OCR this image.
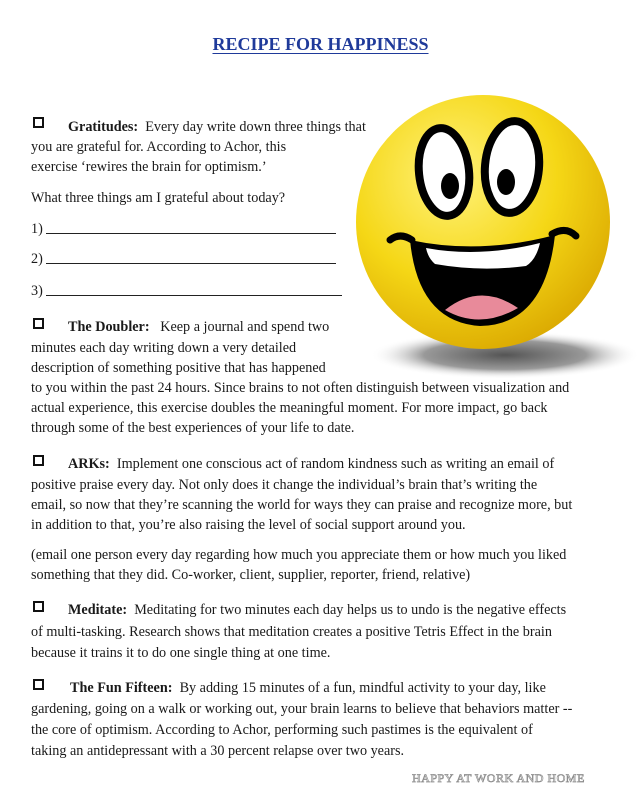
RECIPE FOR HAPPINESS

Gratitudes: Every day write down three things that

you are grateful for. According to Achor, this

exercise ‘rewires the brain for optimism.’

What three things am I grateful about today?

1)
2)
3)

The Doubler: Keep a journal and spend two

minutes each day writing down a very detailed

description of something positive that has happened

to you within the past 24 hours. Since brains to not often distinguish between visualization and

actual experience, this exercise doubles the meaningful moment. For more impact, go back

through some of the best experiences of your life to date.

ARKs: Implement one conscious act of random kindness such as writing an email of

positive praise every day. Not only does it change the individual’s brain that’s writing the

email, so now that they’re scanning the world for ways they can praise and recognize more, but

in addition to that, you’re also raising the level of social support around you.

(email one person every day regarding how much you appreciate them or how much you liked

something that they did. Co-worker, client, supplier, reporter, friend, relative)

Meditate: Meditating for two minutes each day helps us to undo is the negative effects

of multi-tasking. Research shows that meditation creates a positive Tetris Effect in the brain

because it trains it to do one single thing at one time.

The Fun Fifteen: By adding 15 minutes of a fun, mindful activity to your day, like

gardening, going on a walk or working out, your brain learns to believe that behaviors matter --

the core of optimism. According to Achor, performing such pastimes is the equivalent of

taking an antidepressant with a 30 percent relapse over two years.

HAPPY AT WORK AND HOME
